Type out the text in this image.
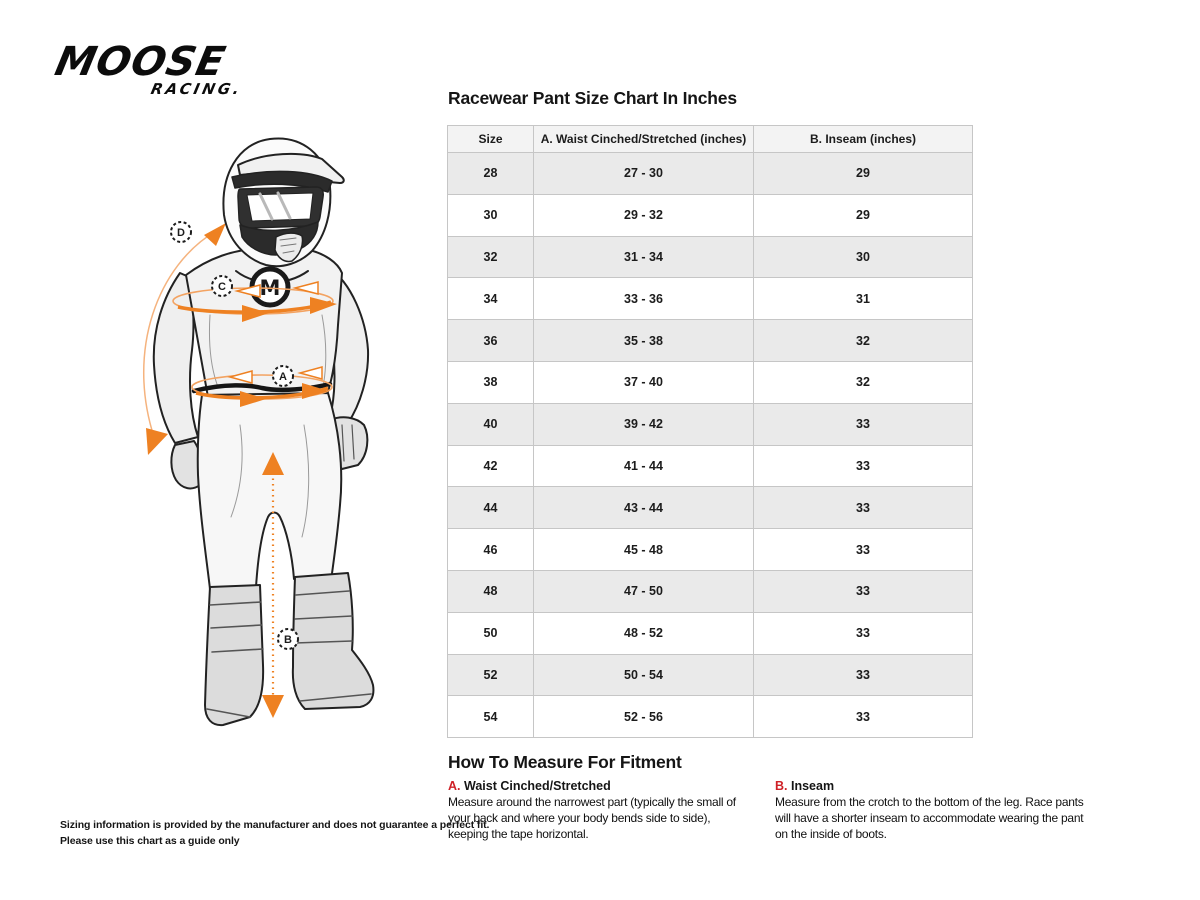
MOOSE
RACING.
M
D
C
A
B
Racewear Pant Size Chart In Inches
Size	A. Waist Cinched/Stretched (inches)	B. Inseam (inches)
28	27 - 30	29
30	29 - 32	29
32	31 - 34	30
34	33 - 36	31
36	35 - 38	32
38	37 - 40	32
40	39 - 42	33
42	41 - 44	33
44	43 - 44	33
46	45 - 48	33
48	47 - 50	33
50	48 - 52	33
52	50 - 54	33
54	52 - 56	33
How To Measure For Fitment
A. Waist Cinched/Stretched
Measure around the narrowest part (typically the small of your back and where your body bends side to side), keeping the tape horizontal.
B. Inseam
Measure from the crotch to the bottom of the leg. Race pants will have a shorter inseam to accommodate wearing the pant on the inside of boots.
Sizing information is provided by the manufacturer and does not guarantee a perfect fit.
Please use this chart as a guide only
